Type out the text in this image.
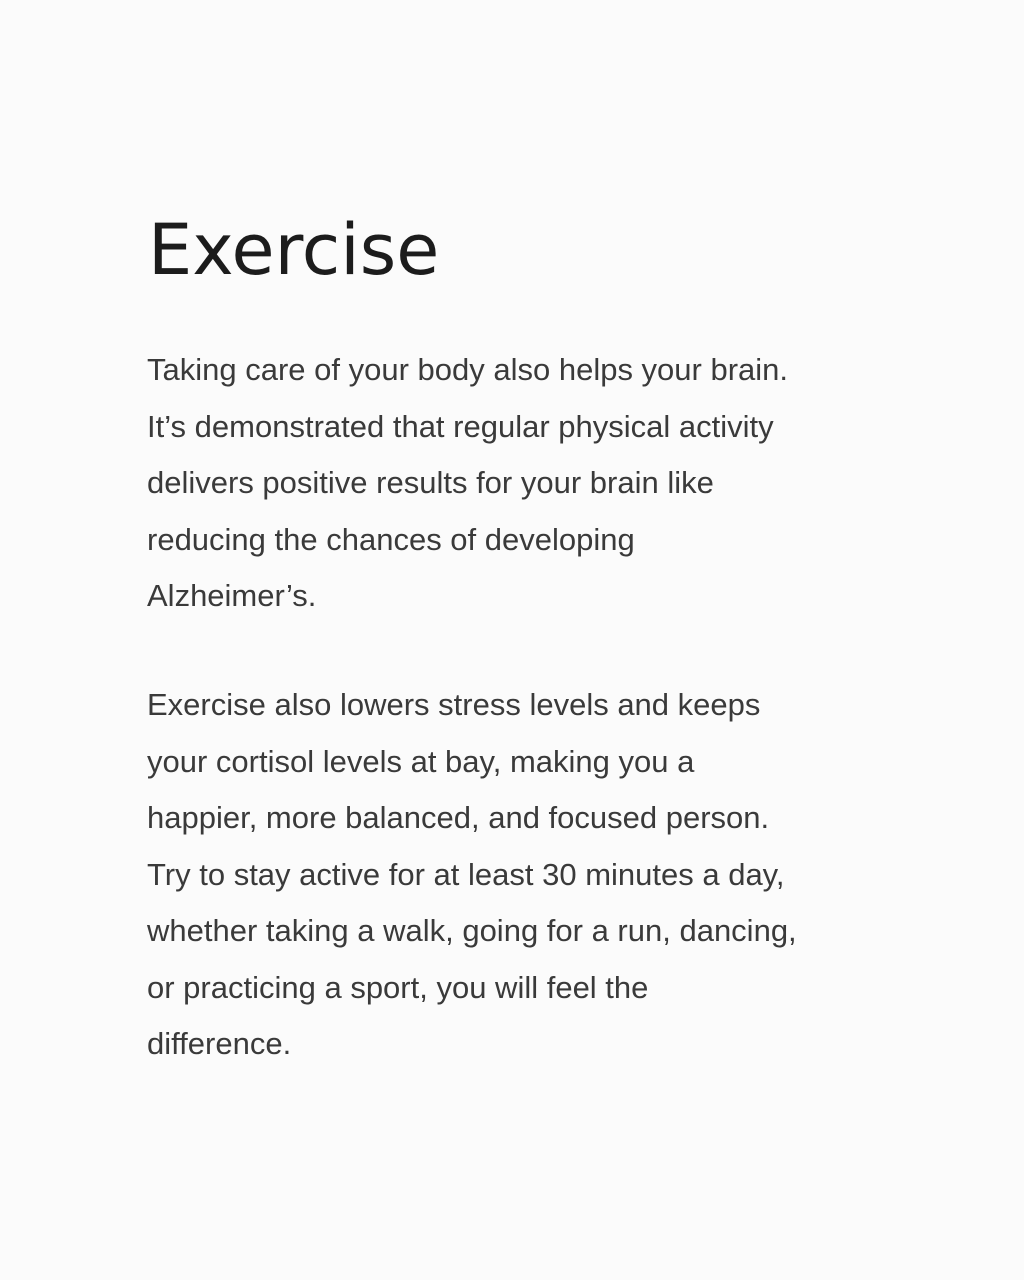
Exercise

Taking care of your body also helps your brain.
It’s demonstrated that regular physical activity
delivers positive results for your brain like
reducing the chances of developing
Alzheimer’s.

Exercise also lowers stress levels and keeps
your cortisol levels at bay, making you a
happier, more balanced, and focused person.
Try to stay active for at least 30 minutes a day,
whether taking a walk, going for a run, dancing,
or practicing a sport, you will feel the
difference.
